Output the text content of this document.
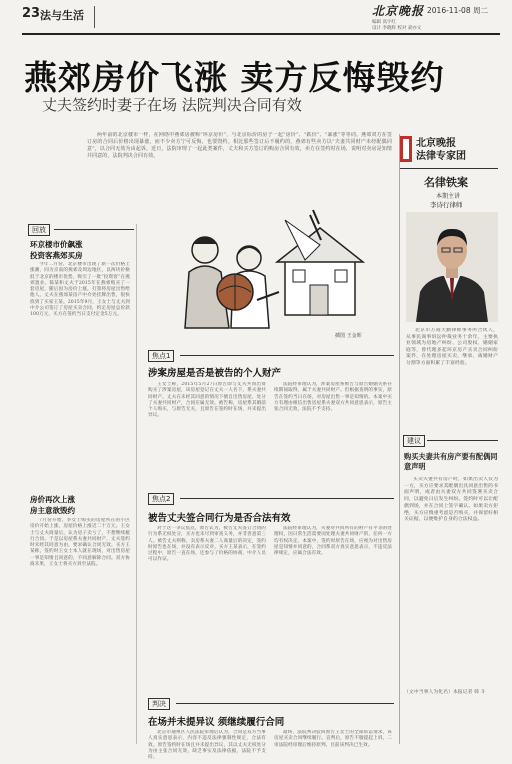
23 法与生活	北京晚报 2016-11-08 周二
编辑 高宇红
设计 李晓辉 校对 聂亦文
燕郊房价飞涨 卖方反悔毁约
丈夫签约时妻子在场 法院判决合同有效
两年前的北京楼市一样，在网络中燕郊房被称“环京房价”，与北京标价的房子一起“房价”、“跌价”、“暴涨”等等词。燕郊双方在签订房的合同后价格出现暴涨，而不少卖方宁可反悔，也要毁约。相比那些签订后不履约的，燕郊有些卖方以“夫妻共同财产未经配偶同意”，以合同无效为由起诉。近日，法院审理了一起此类案件，丈夫和买方签订的购房合同有效，卖方在签约时在场，说明对卖房是知情并同意的，法院判决合同有效。
北京晚报
法律专家团
名律铁案
本期主讲
李诗行律师
北京市万商天勤律师事务所合伙人，从事民商事诉讼仲裁业务十余年，主要执业领域为房地产纠纷、公司股权、婚姻家庭等，曾代理多起环京房产买卖合同纠纷案件，在处理房屋买卖、继承、离婚财产分割等方面积累了丰富经验。
建议
购买夫妻共有房产要有配偶同意声明
买卖夫妻共有房产时，如果出卖人仅为一方，买方应要求其配偶出具同意出售的书面声明，或者由夫妻双方共同签署买卖合同，以避免日后发生纠纷。签约时可以让配偶到场，并在合同上签字确认。如果卖方拒绝，买方应慎重考虑是否购买，并保留好相关证据，以便维护自身的合法权益。
（文中当事人为化名）本报记者 韩 斗
回放
环京楼市价飙涨
投资客燕郊买房
今年二月份，北京楼市出现了新一次价格上涨潮，同为京南的燕郊及周边地区，以两块价格低于北京的楼市优势，吸引了一批“投资客”在燕郊置业。陈某和丈夫于2015年在燕郊购买了一套房屋，随后因为房价上涨，打算将房屋出售给他人。丈夫在燕郊某房产中介处挂牌出售，很快找到了买家王某。2015年9月，王女士与丈夫到中介公司签订了房屋买卖合同，约定房屋总价款100万元，买方在签约当日支付定金5万元。
房价再次上涨
房主意欲毁约
7月份开始，李女士购买的房屋所在的小区房价开始上涨，房屋价格上涨近二十万元。王女士与丈夫商量后，认为房子卖亏了，不想继续履行合同。于是以房屋系夫妻共同财产，丈夫签约时未经其同意为由，要求确认合同无效。买方王某称，签约时王女士本人就在现场，对出售房屋一事是知情且同意的，不同意解除合同。双方协商未果，王女士将买方诉至法院。
插图 王金晖
焦点1
涉案房屋是否是被告的个人财产
王女士称，2015年5月27日原告即与丈夫共同出资购买了涉案房屋，该房屋登记在丈夫一人名下，系夫妻共同财产。丈夫在未经其同意的情况下擅自出售房屋，处分了夫妻共同财产，合同应属无效。被告称，房屋系其婚前个人购买，与原告无关，且原告在签约时在场，并未提出异议。
法院经审理认为，涉案房屋系被告与原告婚姻关系存续期间取得，属于夫妻共同财产。但根据查明的事实，原告在签约当日在场，对房屋出售一事是知情的。本案中买方有理由相信出售房屋系夫妻双方共同意思表示，原告主张合同无效，法院不予支持。
焦点2
被告丈夫签合同行为是否合法有效
对于这一争议焦点，原告认为，被告丈夫签订合同的行为系无权处分，买方也未尽到审查义务，并非善意第三人。被告丈夫则称，卖房系夫妻二人商量后的决定，签约时原告也在场，并没有表示反对。买方王某表示，在签约过程中，原告一直在场，还参与了价格的协商，中介人员可以作证。
法院经审理认为，夫妻对共同所有的财产有平等的处理权，因日常生活需要而处理夫妻共同财产的，任何一方均有权决定。本案中，签约时原告在场，应视为对出售房屋是知情并同意的，合同系双方真实意思表示，不违反法律规定，应属合法有效。
判决
在场并未提异议 须继续履行合同
北京市通州区人民法院审理后认为，合同是双方当事人真实意思表示，内容不违反法律强制性规定，合法有效。原告签约时在场且并未提出异议，其以丈夫无权处分为由主张合同无效，缺乏事实及法律依据，法院不予支持。
最终，法院判决驳回原告王女士的全部诉讼请求，该房屋买卖合同继续履行。宣判后，原告不服提起上诉，二审法院经审理后维持原判。目前该判决已生效。
